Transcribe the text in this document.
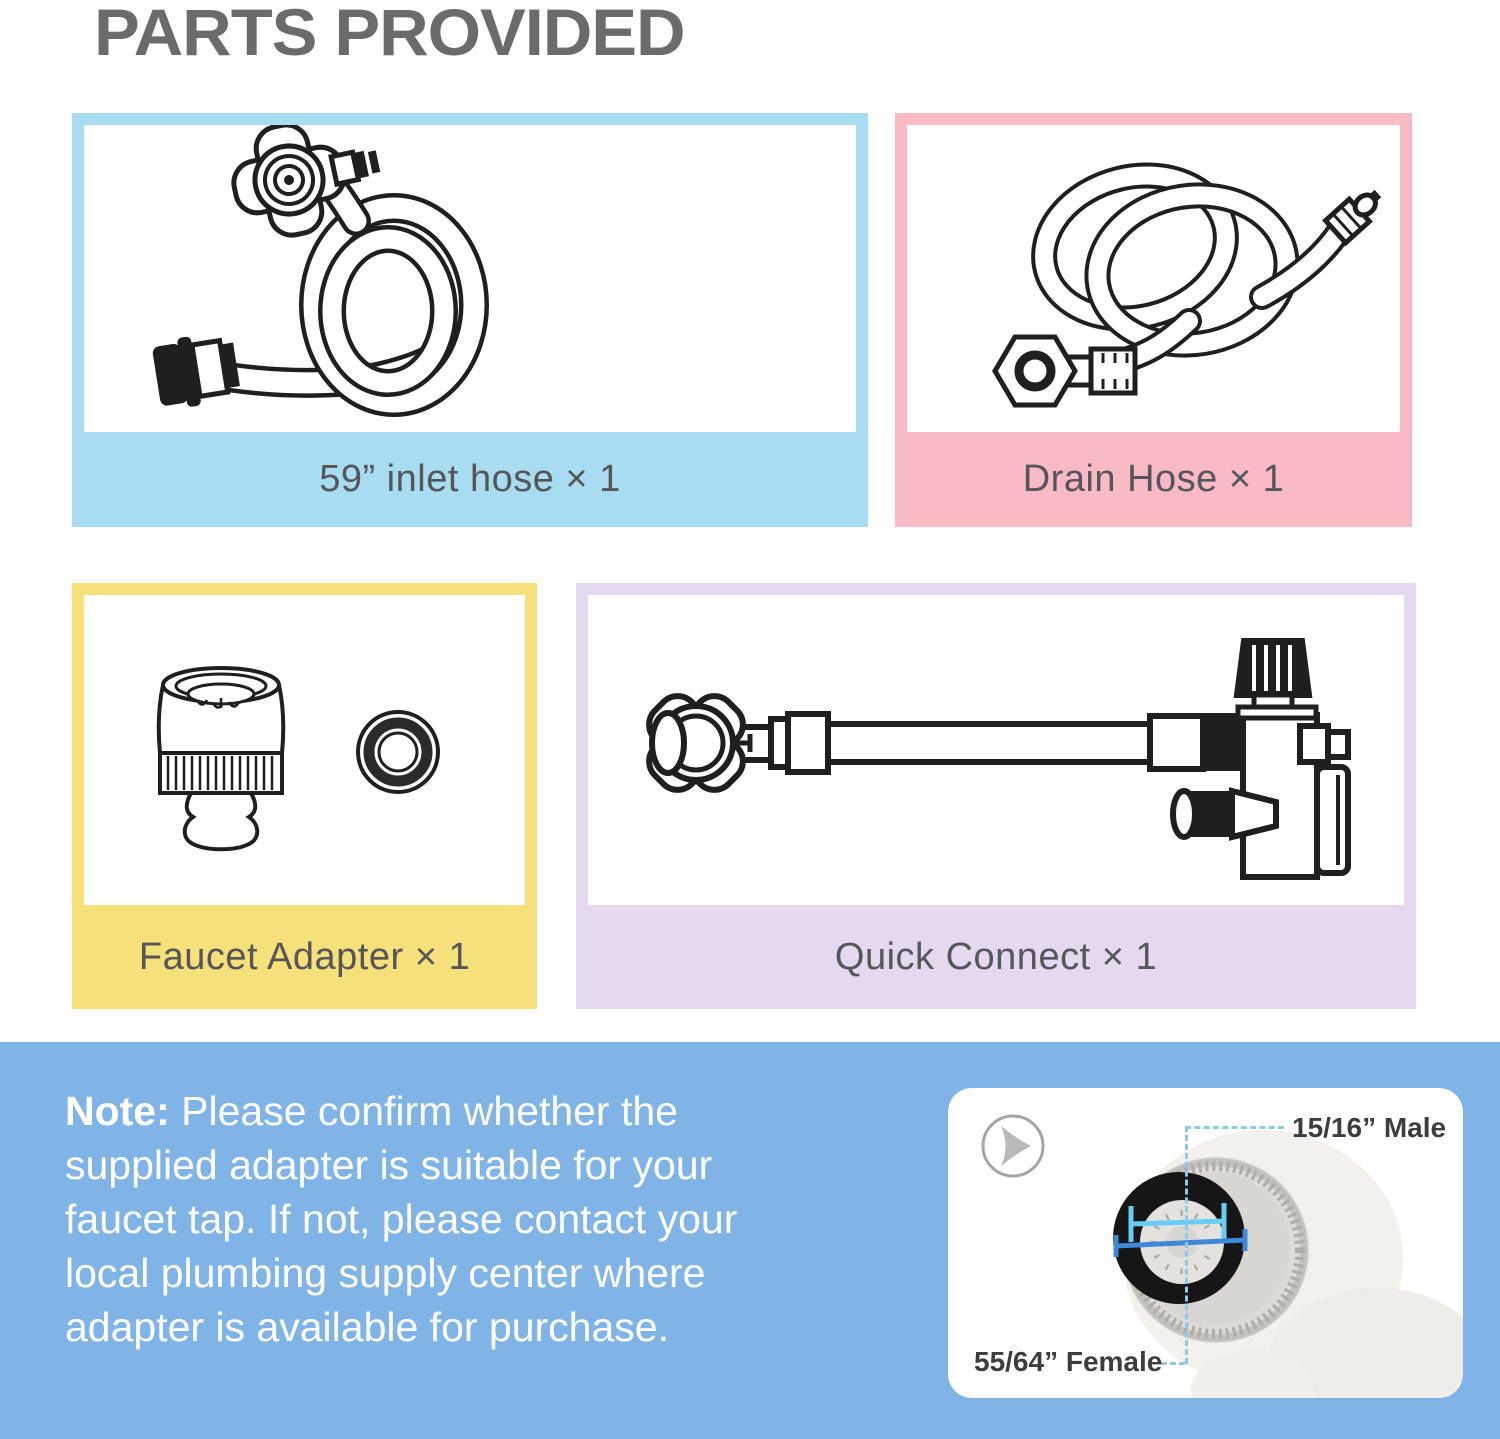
PARTS PROVIDED
59” inlet hose × 1	Drain Hose × 1
Faucet Adapter × 1	Quick Connect × 1

Note: Please confirm whether the
supplied adapter is suitable for your
faucet tap. If not, please contact your
local plumbing supply center where
adapter is available for purchase.

15/16” Male
55/64” Female
